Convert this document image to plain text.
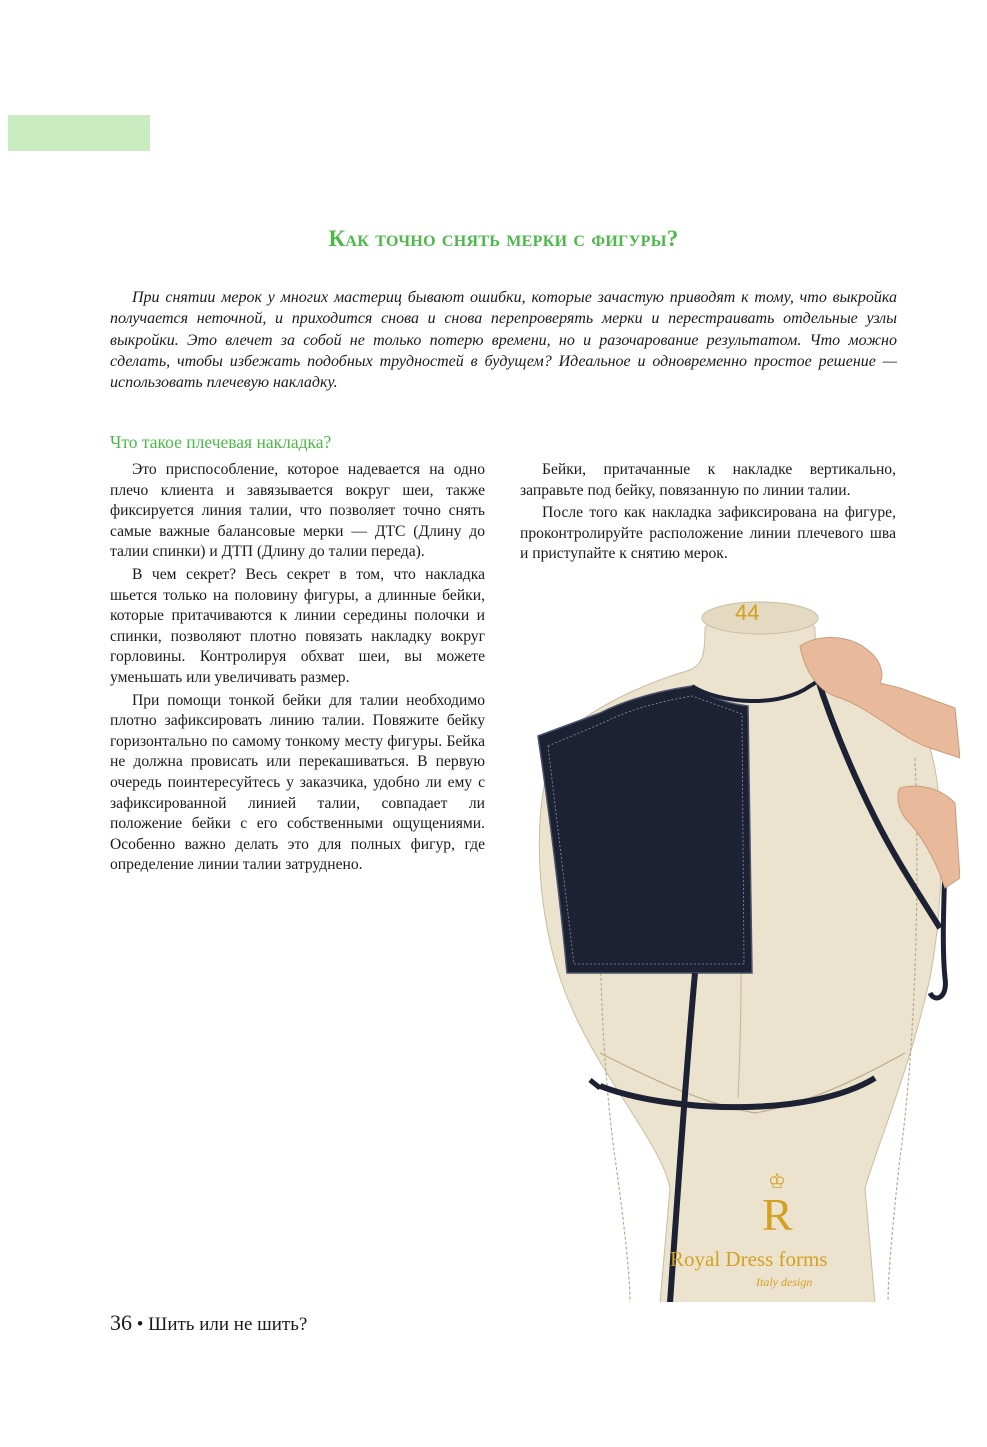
Как точно снять мерки с фигуры?

При снятии мерок у многих мастериц бывают ошибки, которые зачастую приводят к тому, что выкройка получается неточной, и приходится снова и снова перепроверять мерки и перестраивать отдельные узлы выкройки. Это влечет за собой не только потерю времени, но и разочарование результатом. Что можно сделать, чтобы избежать подобных трудностей в будущем? Идеальное и одновременно простое решение — использовать плечевую накладку.

Что такое плечевая накладка?

Это приспособление, которое надевается на одно плечо клиента и завязывается вокруг шеи, также фиксируется линия талии, что позволяет точно снять самые важные балансовые мерки — ДТС (Длину до талии спинки) и ДТП (Длину до талии переда).

В чем секрет? Весь секрет в том, что накладка шьется только на половину фигуры, а длинные бейки, которые притачиваются к линии середины полочки и спинки, позволяют плотно повязать накладку вокруг горловины. Контролируя обхват шеи, вы можете уменьшать или увеличивать размер.

При помощи тонкой бейки для талии необходимо плотно зафиксировать линию талии. Повяжите бейку горизонтально по самому тонкому месту фигуры. Бейка не должна провисать или перекашиваться. В первую очередь поинтересуйтесь у заказчика, удобно ли ему с зафиксированной линией талии, совпадает ли положение бейки с его собственными ощущениями. Особенно важно делать это для полных фигур, где определение линии талии затруднено.

Бейки, притачанные к накладке вертикально, заправьте под бейку, повязанную по линии талии.

После того как накладка зафиксирована на фигуре, проконтролируйте расположение линии плечевого шва и приступайте к снятию мерок.

44
♔
R
Royal Dress forms
Italy design
36 • Шить или не шить?
